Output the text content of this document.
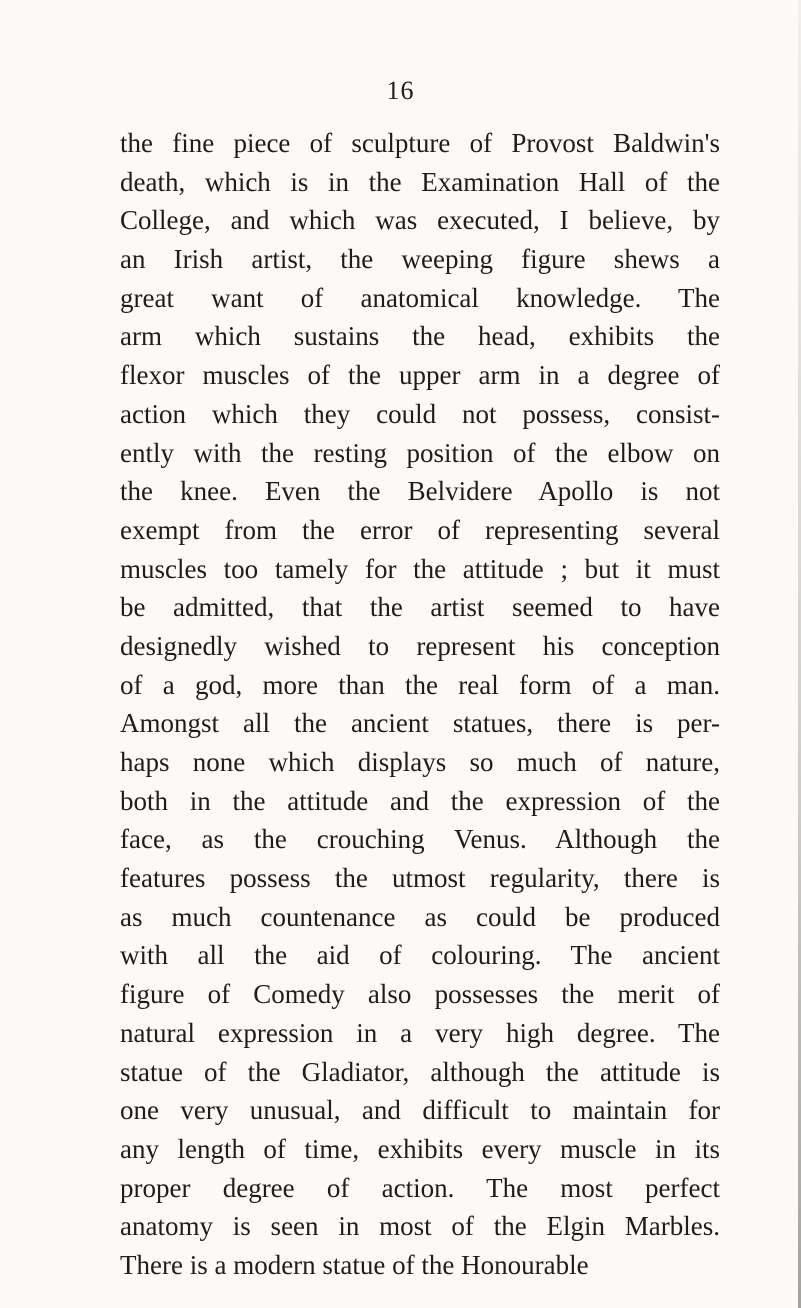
16
the fine piece of sculpture of Provost Baldwin's
death, which is in the Examination Hall of the
College, and which was executed, I believe, by
an Irish artist, the weeping figure shews a
great want of anatomical knowledge. The
arm which sustains the head, exhibits the
flexor muscles of the upper arm in a degree of
action which they could not possess, consist-
ently with the resting position of the elbow on
the knee. Even the Belvidere Apollo is not
exempt from the error of representing several
muscles too tamely for the attitude ; but it must
be admitted, that the artist seemed to have
designedly wished to represent his conception
of a god, more than the real form of a man.
Amongst all the ancient statues, there is per-
haps none which displays so much of nature,
both in the attitude and the expression of the
face, as the crouching Venus. Although the
features possess the utmost regularity, there is
as much countenance as could be produced
with all the aid of colouring. The ancient
figure of Comedy also possesses the merit of
natural expression in a very high degree. The
statue of the Gladiator, although the attitude is
one very unusual, and difficult to maintain for
any length of time, exhibits every muscle in its
proper degree of action. The most perfect
anatomy is seen in most of the Elgin Marbles.
There is a modern statue of the Honourable
